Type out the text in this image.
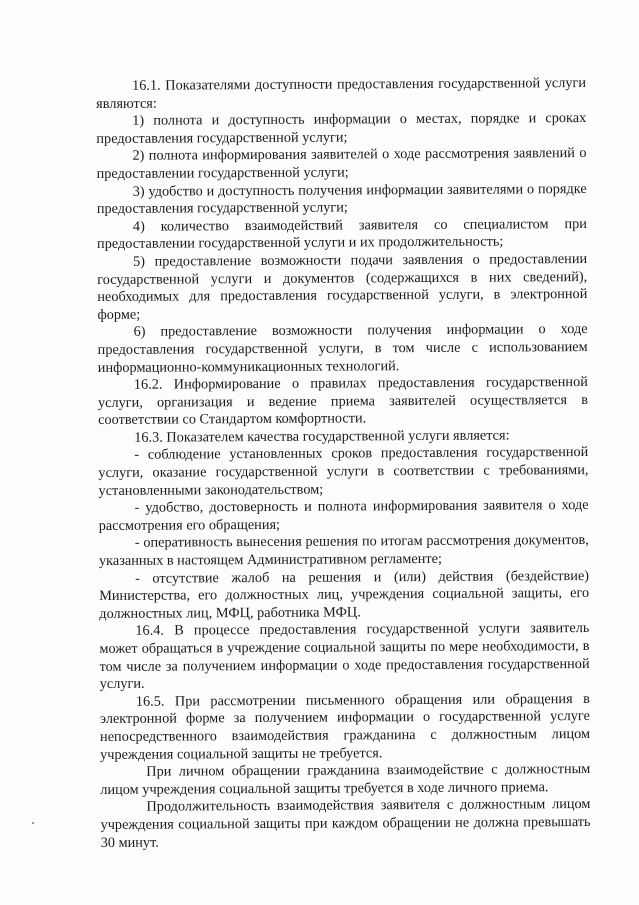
16.1. Показателями доступности предоставления государственной услуги являются:

1) полнота и доступность информации о местах, порядке и сроках предоставления государственной услуги;

2) полнота информирования заявителей о ходе рассмотрения заявлений о предоставлении государственной услуги;

3) удобство и доступность получения информации заявителями о порядке предоставления государственной услуги;

4) количество взаимодействий заявителя со специалистом при предоставлении государственной услуги и их продолжительность;

5) предоставление возможности подачи заявления о предоставлении государственной услуги и документов (содержащихся в них сведений), необходимых для предоставления государственной услуги, в электронной форме;

6) предоставление возможности получения информации о ходе предоставления государственной услуги, в том числе с использованием информационно-коммуникационных технологий.

16.2. Информирование о правилах предоставления государственной услуги, организация и ведение приема заявителей осуществляется в соответствии со Стандартом комфортности.

16.3. Показателем качества государственной услуги является:

- соблюдение установленных сроков предоставления государственной услуги, оказание государственной услуги в соответствии с требованиями, установленными законодательством;

- удобство, достоверность и полнота информирования заявителя о ходе рассмотрения его обращения;

- оперативность вынесения решения по итогам рассмотрения документов, указанных в настоящем Административном регламенте;

- отсутствие жалоб на решения и (или) действия (бездействие) Министерства, его должностных лиц, учреждения социальной защиты, его должностных лиц, МФЦ, работника МФЦ.

16.4. В процессе предоставления государственной услуги заявитель может обращаться в учреждение социальной защиты по мере необходимости, в том числе за получением информации о ходе предоставления государственной услуги.

16.5. При рассмотрении письменного обращения или обращения в электронной форме за получением информации о государственной услуге непосредственного взаимодействия гражданина с должностным лицом учреждения социальной защиты не требуется.

При личном обращении гражданина взаимодействие с должностным лицом учреждения социальной защиты требуется в ходе личного приема.

Продолжительность взаимодействия заявителя с должностным лицом учреждения социальной защиты при каждом обращении не должна превышать 30 минут.
